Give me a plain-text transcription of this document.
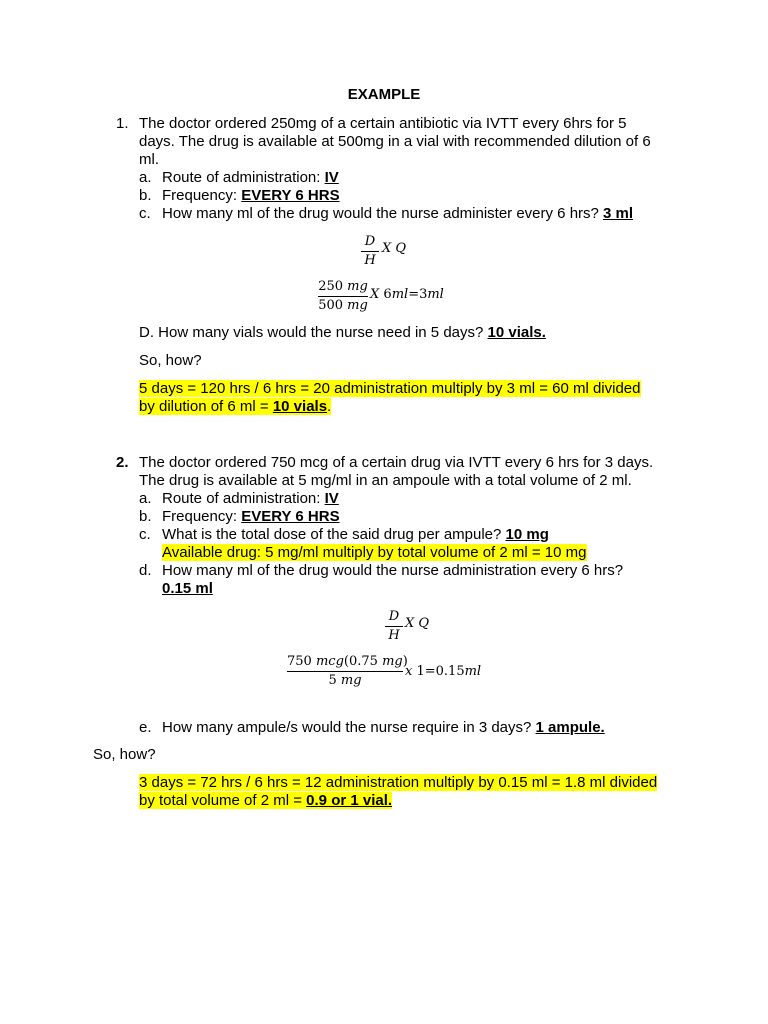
EXAMPLE
1. The doctor ordered 250mg of a certain antibiotic via IVTT every 6hrs for 5
days. The drug is available at 500mg in a vial with recommended dilution of 6
ml.
a. Route of administration: IV
b. Frequency: EVERY 6 HRS
c. How many ml of the drug would the nurse administer every 6 hrs? 3 ml
D
H
X Q
250 mg
500 mg
X 6ml=3ml
D. How many vials would the nurse need in 5 days? 10 vials.
So, how?
5 days = 120 hrs / 6 hrs = 20 administration multiply by 3 ml = 60 ml divided
by dilution of 6 ml = 10 vials.
2. The doctor ordered 750 mcg of a certain drug via IVTT every 6 hrs for 3 days.
The drug is available at 5 mg/ml in an ampoule with a total volume of 2 ml.
a. Route of administration: IV
b. Frequency: EVERY 6 HRS
c. What is the total dose of the said drug per ampule? 10 mg
Available drug: 5 mg/ml multiply by total volume of 2 ml = 10 mg
d. How many ml of the drug would the nurse administration every 6 hrs?
0.15 ml
D
H
X Q
750 mcg(0.75 mg)
5 mg
x 1=0.15ml
e. How many ampule/s would the nurse require in 3 days? 1 ampule.
So, how?
3 days = 72 hrs / 6 hrs = 12 administration multiply by 0.15 ml = 1.8 ml divided
by total volume of 2 ml = 0.9 or 1 vial.
